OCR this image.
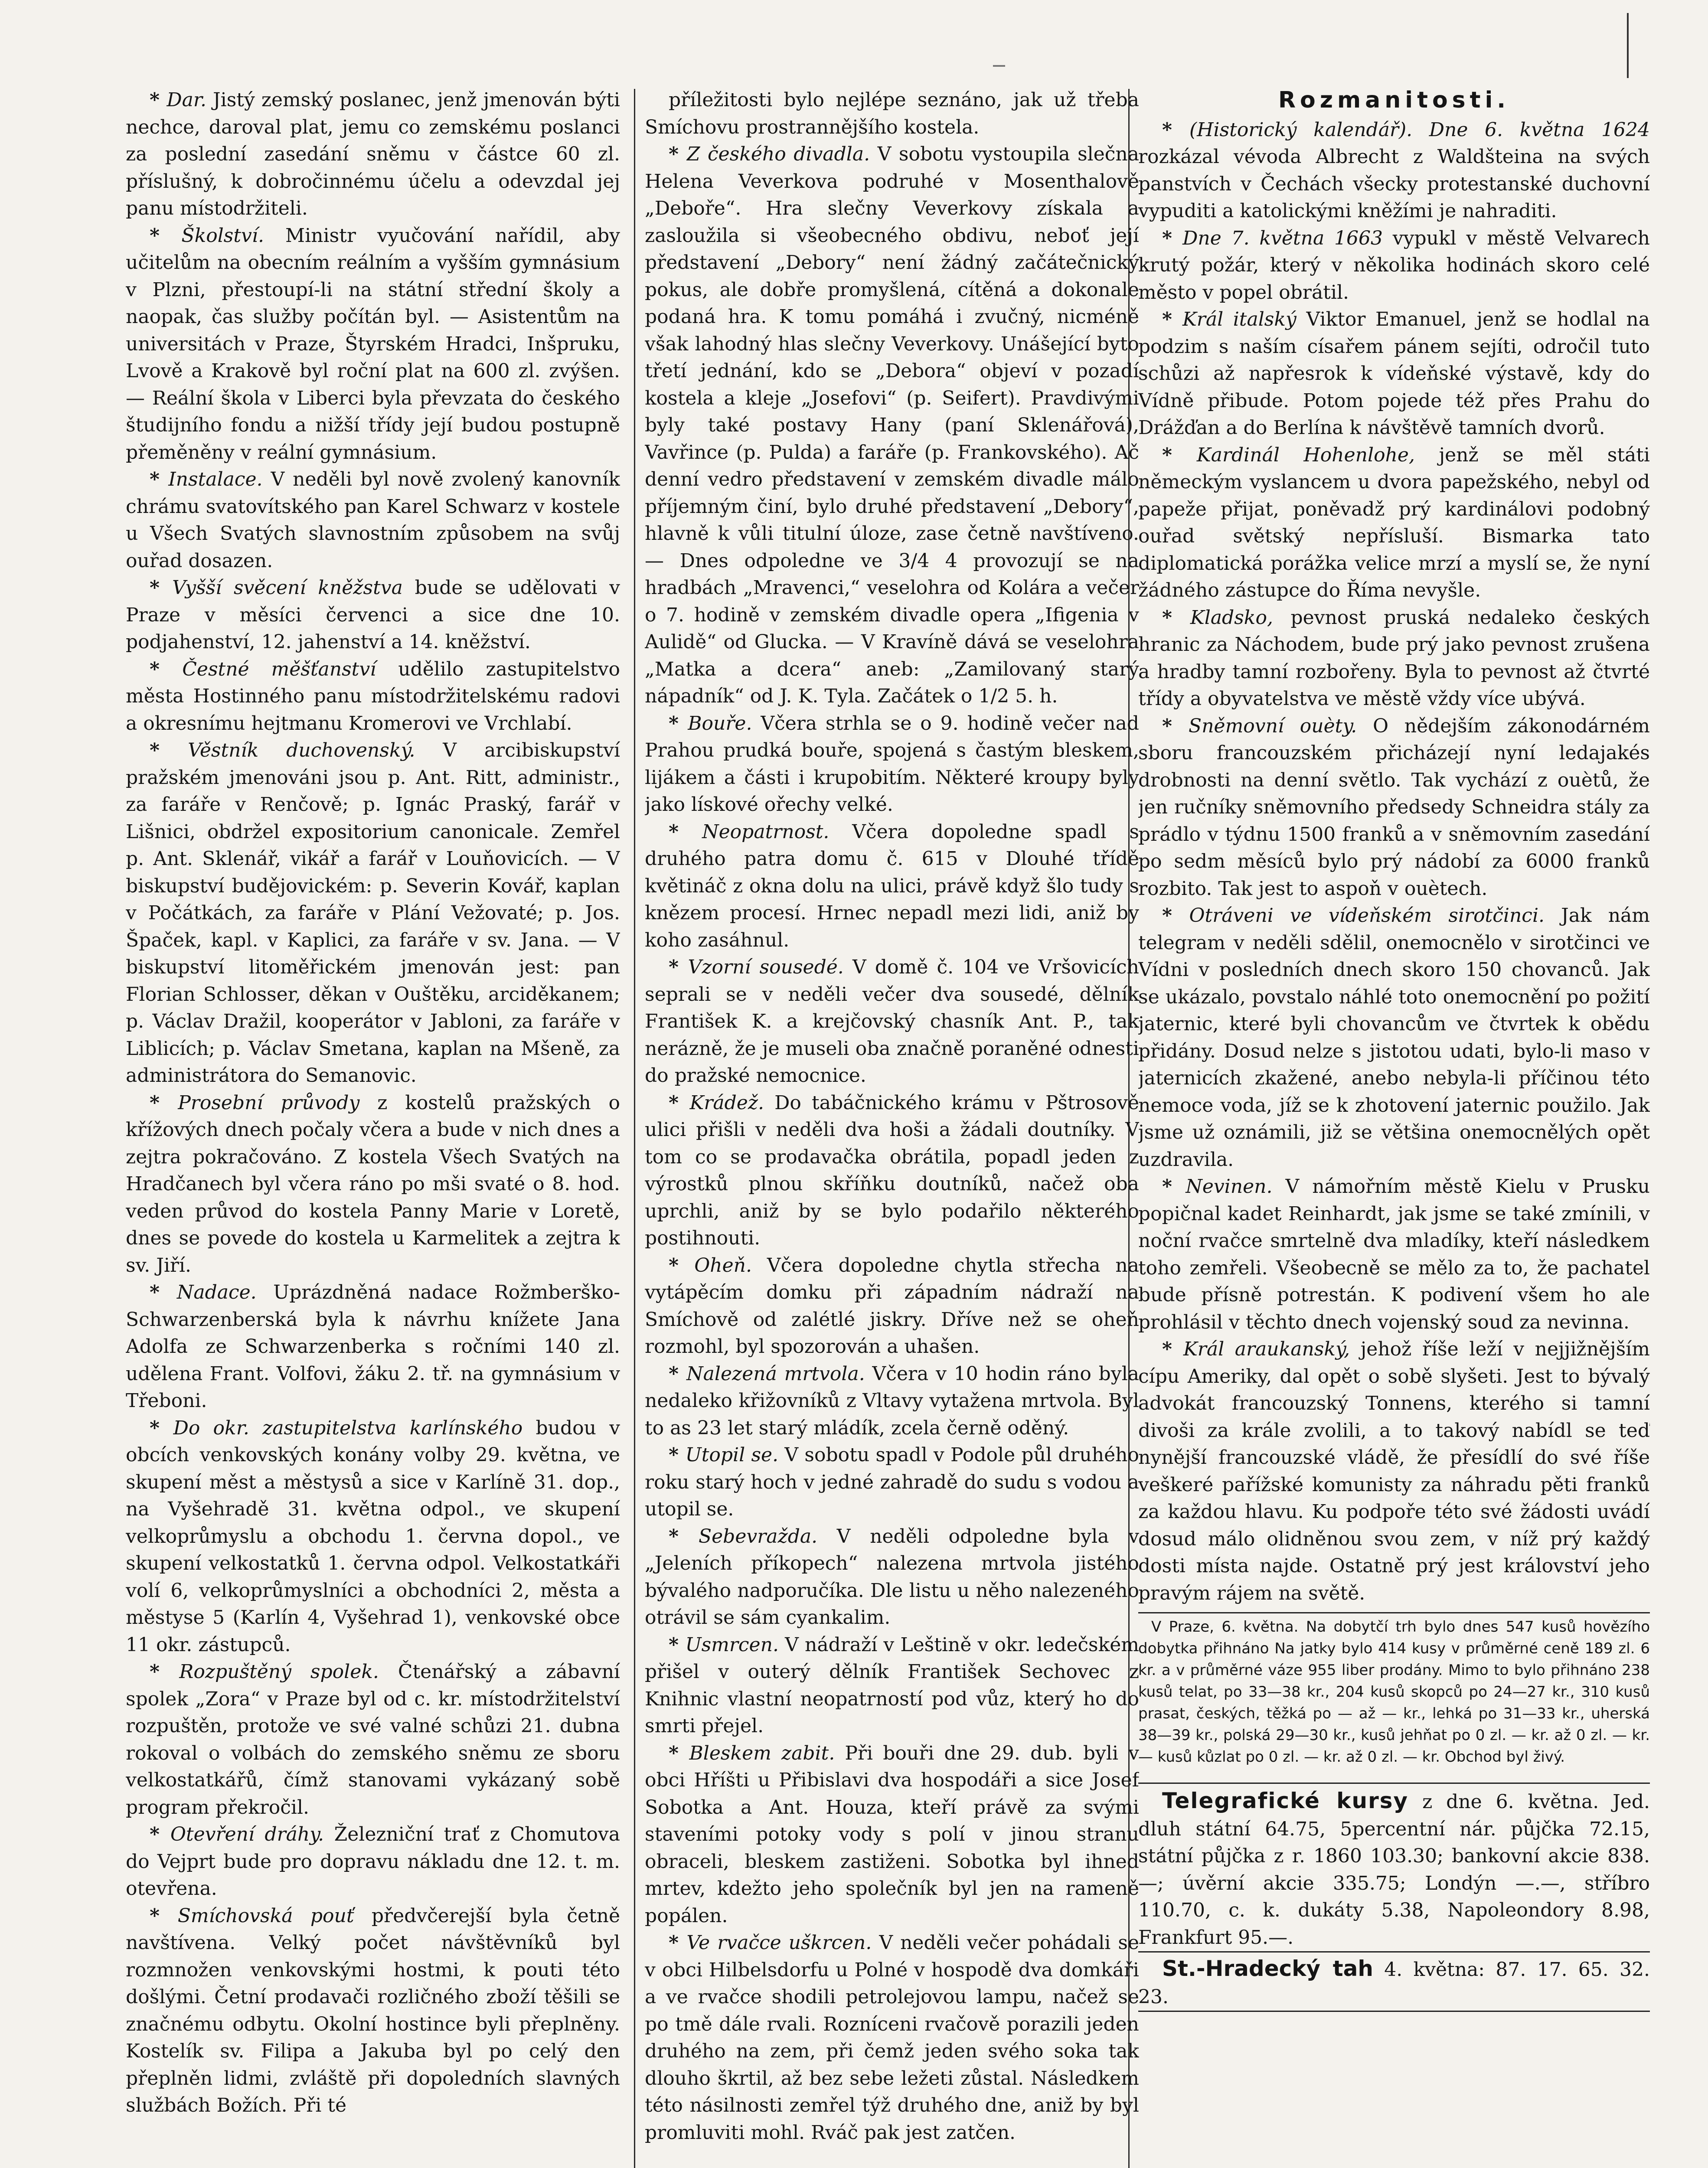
* Dar. Jistý zemský poslanec, jenž jmenován býti nechce, daroval plat, jemu co zemskému poslanci za poslední zasedání sněmu v částce 60 zl. příslušný, k dobročinnému účelu a odevzdal jej panu místodržiteli.

* Školství. Ministr vyučování nařídil, aby učitelům na obecním reálním a vyšším gymnásium v Plzni, přestoupí-li na státní střední školy a naopak, čas služby počítán byl. — Asistentům na universitách v Praze, Štyrském Hradci, Inšpruku, Lvově a Krakově byl roční plat na 600 zl. zvýšen. — Reální škola v Liberci byla převzata do českého študijního fondu a nižší třídy její budou postupně přeměněny v reální gymnásium.

* Instalace. V neděli byl nově zvolený kanovník chrámu svatovítského pan Karel Schwarz v kostele u Všech Svatých slavnostním způsobem na svůj ouřad dosazen.

* Vyšší svěcení kněžstva bude se udělovati v Praze v měsíci červenci a sice dne 10. podjahenství, 12. jahenství a 14. kněžství.

* Čestné měšťanství udělilo zastupitelstvo města Hostinného panu místodržitelskému radovi a okresnímu hejtmanu Kromerovi ve Vrchlabí.

* Věstník duchovenský. V arcibiskupství pražském jmenováni jsou p. Ant. Ritt, administr., za faráře v Renčově; p. Ignác Praský, farář v Lišnici, obdržel expositorium canonicale. Zemřel p. Ant. Sklenář, vikář a farář v Louňovicích. — V biskupství budějovickém: p. Severin Kovář, kaplan v Počátkách, za faráře v Plání Vežovaté; p. Jos. Špaček, kapl. v Kaplici, za faráře v sv. Jana. — V biskupství litoměřickém jmenován jest: pan Florian Schlosser, děkan v Ouštěku, arciděkanem; p. Václav Dražil, kooperátor v Jabloni, za faráře v Liblicích; p. Václav Smetana, kaplan na Mšeně, za administrátora do Semanovic.

* Prosební průvody z kostelů pražských o křížových dnech počaly včera a bude v nich dnes a zejtra pokračováno. Z kostela Všech Svatých na Hradčanech byl včera ráno po mši svaté o 8. hod. veden průvod do kostela Panny Marie v Loretě, dnes se povede do kostela u Karmelitek a zejtra k sv. Jiří.

* Nadace. Uprázdněná nadace Rožmberško-Schwarzenberská byla k návrhu knížete Jana Adolfa ze Schwarzenberka s ročními 140 zl. udělena Frant. Volfovi, žáku 2. tř. na gymnásium v Třeboni.

* Do okr. zastupitelstva karlínského budou v obcích venkovských konány volby 29. května, ve skupení měst a městysů a sice v Karlíně 31. dop., na Vyšehradě 31. května odpol., ve skupení velkoprůmyslu a obchodu 1. června dopol., ve skupení velkostatků 1. června odpol. Velkostatkáři volí 6, velkoprůmyslníci a obchodníci 2, města a městyse 5 (Karlín 4, Vyšehrad 1), venkovské obce 11 okr. zástupců.

* Rozpuštěný spolek. Čtenářský a zábavní spolek „Zora“ v Praze byl od c. kr. místodržitelství rozpuštěn, protože ve své valné schůzi 21. dubna rokoval o volbách do zemského sněmu ze sboru velkostatkářů, čímž stanovami vykázaný sobě program překročil.

* Otevření dráhy. Železniční trať z Chomutova do Vejprt bude pro dopravu nákladu dne 12. t. m. otevřena.

* Smíchovská pouť předvčerejší byla četně navštívena. Velký počet návštěvníků byl rozmnožen venkovskými hostmi, k pouti této došlými. Četní prodavači rozličného zboží těšili se značnému odbytu. Okolní hostince byli přeplněny. Kostelík sv. Filipa a Jakuba byl po celý den přeplněn lidmi, zvláště při dopoledních slavných službách Božích. Při té

příležitosti bylo nejlépe seznáno, jak už třeba Smíchovu prostrannějšího kostela.

* Z českého divadla. V sobotu vystoupila slečna Helena Veverkova podruhé v Mosenthalově „Deboře“. Hra slečny Veverkovy získala a zasloužila si všeobecného obdivu, neboť její představení „Debory“ není žádný začátečnický pokus, ale dobře promyšlená, cítěná a dokonale podaná hra. K tomu pomáhá i zvučný, nicméně však lahodný hlas slečny Veverkovy. Unášející byto třetí jednání, kdo se „Debora“ objeví v pozadí kostela a kleje „Josefovi“ (p. Seifert). Pravdivými byly také postavy Hany (paní Sklenářová), Vavřince (p. Pulda) a faráře (p. Frankovského). Ač denní vedro představení v zemském divadle málo příjemným činí, bylo druhé představení „Debory“, hlavně k vůli titulní úloze, zase četně navštíveno. — Dnes odpoledne ve 3/4 4 provozují se na hradbách „Mravenci,“ veselohra od Kolára a večer o 7. hodině v zemském divadle opera „Ifigenia v Aulidě“ od Glucka. — V Kravíně dává se veselohra „Matka a dcera“ aneb: „Zamilovaný starý nápadník“ od J. K. Tyla. Začátek o 1/2 5. h.

* Bouře. Včera strhla se o 9. hodině večer nad Prahou prudká bouře, spojená s častým bleskem, lijákem a části i krupobitím. Některé kroupy byly jako lískové ořechy velké.

* Neopatrnost. Včera dopoledne spadl s druhého patra domu č. 615 v Dlouhé třídě květináč z okna dolu na ulici, právě když šlo tudy s knězem procesí. Hrnec nepadl mezi lidi, aniž by koho zasáhnul.

* Vzorní sousedé. V domě č. 104 ve Vršovicích seprali se v neděli večer dva sousedé, dělník František K. a krejčovský chasník Ant. P., tak nerázně, že je museli oba značně poraněné odnesti do pražské nemocnice.

* Krádež. Do tabáčnického krámu v Pštrosově ulici přišli v neděli dva hoši a žádali doutníky. V tom co se prodavačka obrátila, popadl jeden z výrostků plnou skříňku doutníků, načež oba uprchli, aniž by se bylo podařilo některého postihnouti.

* Oheň. Včera dopoledne chytla střecha na vytápěcím domku při západním nádraží na Smíchově od zalétlé jiskry. Dříve než se oheň rozmohl, byl spozorován a uhašen.

* Nalezená mrtvola. Včera v 10 hodin ráno byla nedaleko křižovníků z Vltavy vytažena mrtvola. Byl to as 23 let starý mládík, zcela černě oděný.

* Utopil se. V sobotu spadl v Podole půl druhého roku starý hoch v jedné zahradě do sudu s vodou a utopil se.

* Sebevražda. V neděli odpoledne byla v „Jeleních příkopech“ nalezena mrtvola jistého bývalého nadporučíka. Dle listu u něho nalezeného otrávil se sám cyankalim.

* Usmrcen. V nádraží v Leštině v okr. ledečském přišel v outerý dělník František Sechovec z Knihnic vlastní neopatrností pod vůz, který ho do smrti přejel.

* Bleskem zabit. Při bouři dne 29. dub. byli v obci Hříšti u Přibislavi dva hospodáři a sice Josef Sobotka a Ant. Houza, kteří právě za svými staveními potoky vody s polí v jinou stranu obraceli, bleskem zastiženi. Sobotka byl ihned mrtev, kdežto jeho společník byl jen na rameně popálen.

* Ve rvačce uškrcen. V neděli večer pohádali se v obci Hilbelsdorfu u Polné v hospodě dva domkáři a ve rvačce shodili petrolejovou lampu, načež se po tmě dále rvali. Rozníceni rvačově porazili jeden druhého na zem, při čemž jeden svého soka tak dlouho škrtil, až bez sebe ležeti zůstal. Následkem této násilnosti zemřel týž druhého dne, aniž by byl promluviti mohl. Rváč pak jest zatčen.

Rozmanitosti.

* (Historický kalendář). Dne 6. května 1624 rozkázal vévoda Albrecht z Waldšteina na svých panstvích v Čechách všecky protestanské duchovní vypuditi a katolickými kněžími je nahraditi.

* Dne 7. května 1663 vypukl v městě Velvarech krutý požár, který v několika hodinách skoro celé město v popel obrátil.

* Král italský Viktor Emanuel, jenž se hodlal na podzim s naším císařem pánem sejíti, odročil tuto schůzi až napřesrok k vídeňské výstavě, kdy do Vídně přibude. Potom pojede též přes Prahu do Drážďan a do Berlína k návštěvě tamních dvorů.

* Kardinál Hohenlohe, jenž se měl státi německým vyslancem u dvora papežského, nebyl od papeže přijat, poněvadž prý kardinálovi podobný ouřad světský nepřísluší. Bismarka tato diplomatická porážka velice mrzí a myslí se, že nyní žádného zástupce do Říma nevyšle.

* Kladsko, pevnost pruská nedaleko českých hranic za Náchodem, bude prý jako pevnost zrušena a hradby tamní rozbořeny. Byla to pevnost až čtvrté třídy a obyvatelstva ve městě vždy více ubývá.

* Sněmovní ouèty. O nědejším zákonodárném sboru francouzském přicházejí nyní ledajakés drobnosti na denní světlo. Tak vychází z ouètů, že jen ručníky sněmovního předsedy Schneidra stály za prádlo v týdnu 1500 franků a v sněmovním zasedání po sedm měsíců bylo prý nádobí za 6000 franků rozbito. Tak jest to aspoň v ouètech.

* Otráveni ve vídeňském sirotčinci. Jak nám telegram v neděli sdělil, onemocnělo v sirotčinci ve Vídni v posledních dnech skoro 150 chovanců. Jak se ukázalo, povstalo náhlé toto onemocnění po požití jaternic, které byli chovancům ve čtvrtek k obědu přidány. Dosud nelze s jistotou udati, bylo-li maso v jaternicích zkažené, anebo nebyla-li příčinou této nemoce voda, jíž se k zhotovení jaternic použilo. Jak jsme už oznámili, již se většina onemocnělých opět uzdravila.

* Nevinen. V námořním městě Kielu v Prusku popičnal kadet Reinhardt, jak jsme se také zmínili, v noční rvačce smrtelně dva mladíky, kteří následkem toho zemřeli. Všeobecně se mělo za to, že pachatel bude přísně potrestán. K podivení všem ho ale prohlásil v těchto dnech vojenský soud za nevinna.

* Král araukanský, jehož říše leží v nejjižnějším cípu Ameriky, dal opět o sobě slyšeti. Jest to bývalý advokát francouzský Tonnens, kterého si tamní divoši za krále zvolili, a to takový nabídl se teď nynější francouzské vládě, že přesídlí do své říše veškeré pařížské komunisty za náhradu pěti franků za každou hlavu. Ku podpoře této své žádosti uvádí dosud málo olidněnou svou zem, v níž prý každý dosti místa najde. Ostatně prý jest království jeho pravým rájem na světě.

V Praze, 6. května. Na dobytčí trh bylo dnes 547 kusů hovězího dobytka přihnáno Na jatky bylo 414 kusy v průměrné ceně 189 zl. 6 kr. a v průměrné váze 955 liber prodány. Mimo to bylo přihnáno 238 kusů telat, po 33—38 kr., 204 kusů skopců po 24—27 kr., 310 kusů prasat, českých, těžká po — až — kr., lehká po 31—33 kr., uherská 38—39 kr., polská 29—30 kr., kusů jehňat po 0 zl. — kr. až 0 zl. — kr. — kusů kůzlat po 0 zl. — kr. až 0 zl. — kr. Obchod byl živý.

Telegrafické kursy z dne 6. května. Jed. dluh státní 64.75, 5percentní nár. půjčka 72.15, státní půjčka z r. 1860 103.30; bankovní akcie 838.—; úvěrní akcie 335.75; Londýn —.—, stříbro 110.70, c. k. dukáty 5.38, Napoleondory 8.98, Frankfurt 95.—.

St.-Hradecký tah 4. května: 87. 17. 65. 32. 23.
